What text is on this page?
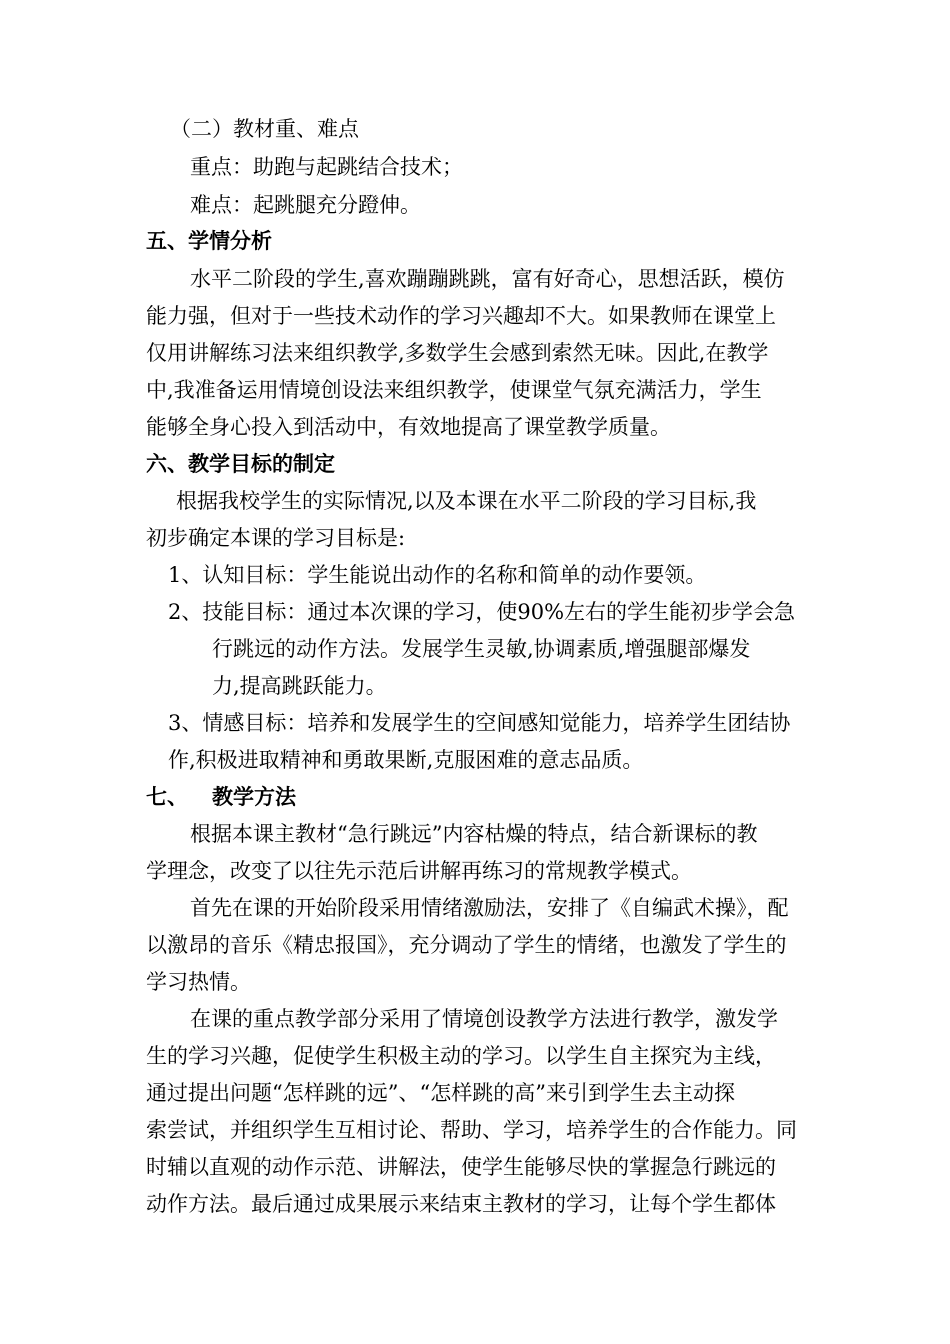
（二）教材重、难点
重点：助跑与起跳结合技术；
难点：起跳腿充分蹬伸。
五、学情分析
水平二阶段的学生,喜欢蹦蹦跳跳，富有好奇心，思想活跃，模仿
能力强，但对于一些技术动作的学习兴趣却不大。如果教师在课堂上
仅用讲解练习法来组织教学,多数学生会感到索然无味。因此,在教学
中,我准备运用情境创设法来组织教学，使课堂气氛充满活力，学生
能够全身心投入到活动中，有效地提高了课堂教学质量。
六、教学目标的制定
根据我校学生的实际情况,以及本课在水平二阶段的学习目标,我
初步确定本课的学习目标是:
1、认知目标：学生能说出动作的名称和简单的动作要领。
2、技能目标：通过本次课的学习，使90%左右的学生能初步学会急
行跳远的动作方法。发展学生灵敏,协调素质,增强腿部爆发
力,提高跳跃能力。
3、情感目标：培养和发展学生的空间感知觉能力，培养学生团结协
作,积极进取精神和勇敢果断,克服困难的意志品质。
七、 教学方法
根据本课主教材“急行跳远”内容枯燥的特点，结合新课标的教
学理念，改变了以往先示范后讲解再练习的常规教学模式。
首先在课的开始阶段采用情绪激励法，安排了《自编武术操》，配
以激昂的音乐《精忠报国》，充分调动了学生的情绪，也激发了学生的
学习热情。
在课的重点教学部分采用了情境创设教学方法进行教学，激发学
生的学习兴趣，促使学生积极主动的学习。以学生自主探究为主线，
通过提出问题“怎样跳的远”、“怎样跳的高”来引到学生去主动探
索尝试，并组织学生互相讨论、帮助、学习，培养学生的合作能力。同
时辅以直观的动作示范、讲解法，使学生能够尽快的掌握急行跳远的
动作方法。最后通过成果展示来结束主教材的学习，让每个学生都体
